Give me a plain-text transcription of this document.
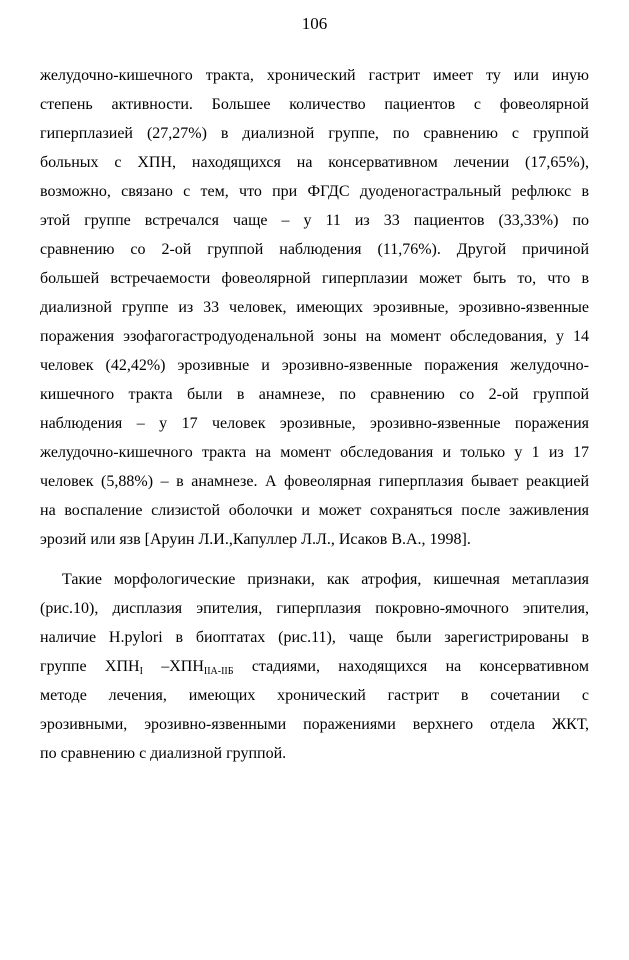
106
желудочно-кишечного тракта, хронический гастрит имеет ту или иную
степень активности. Большее количество пациентов с фовеолярной
гиперплазией (27,27%) в диализной группе, по сравнению с группой
больных с ХПН, находящихся на консервативном лечении (17,65%),
возможно, связано с тем, что при ФГДС дуоденогастральный рефлюкс в
этой группе встречался чаще – у 11 из 33 пациентов (33,33%) по
сравнению со 2-ой группой наблюдения (11,76%). Другой причиной
большей встречаемости фовеолярной гиперплазии может быть то, что в
диализной группе из 33 человек, имеющих эрозивные, эрозивно-язвенные
поражения эзофагогастродуоденальной зоны на момент обследования, у 14
человек (42,42%) эрозивные и эрозивно-язвенные поражения желудочно-
кишечного тракта были в анамнезе, по сравнению со 2-ой группой
наблюдения – у 17 человек эрозивные, эрозивно-язвенные поражения
желудочно-кишечного тракта на момент обследования и только у 1 из 17
человек (5,88%) – в анамнезе. А фовеолярная гиперплазия бывает реакцией
на воспаление слизистой оболочки и может сохраняться после заживления
эрозий или язв [Аруин Л.И.,Капуллер Л.Л., Исаков В.А., 1998].
Такие морфологические признаки, как атрофия, кишечная метаплазия
(рис.10), дисплазия эпителия, гиперплазия покровно-ямочного эпителия,
наличие H.pylori в биоптатах (рис.11), чаще были зарегистрированы в
группе $ХПН_I$ $-ХПН_{IIA-IIБ}$ стадиями, находящихся на консервативном
методе лечения, имеющих хронический гастрит в сочетании с
эрозивными, эрозивно-язвенными поражениями верхнего отдела ЖКТ,
по сравнению с диализной группой.
